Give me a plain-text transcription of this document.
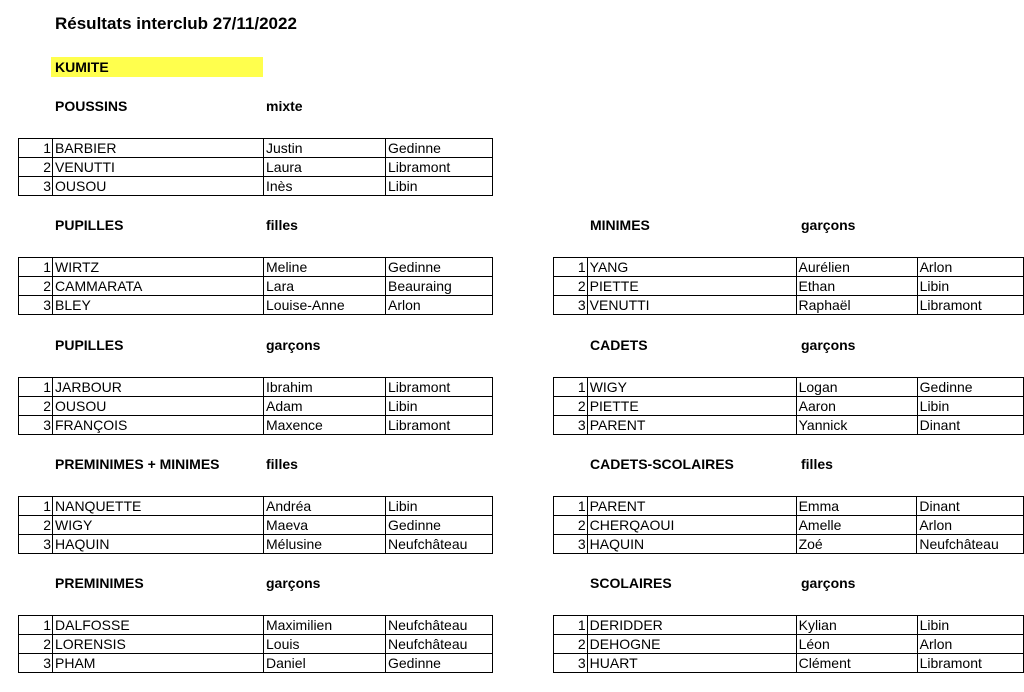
Résultats interclub 27/11/2022
KUMITE
POUSSINS	mixte
1	BARBIER	Justin	Gedinne
2	VENUTTI	Laura	Libramont
3	OUSOU	Inès	Libin
PUPILLES	filles
1	WIRTZ	Meline	Gedinne
2	CAMMARATA	Lara	Beauraing
3	BLEY	Louise-Anne	Arlon
MINIMES	garçons
1	YANG	Aurélien	Arlon
2	PIETTE	Ethan	Libin
3	VENUTTI	Raphaël	Libramont
PUPILLES	garçons
1	JARBOUR	Ibrahim	Libramont
2	OUSOU	Adam	Libin
3	FRANÇOIS	Maxence	Libramont
CADETS	garçons
1	WIGY	Logan	Gedinne
2	PIETTE	Aaron	Libin
3	PARENT	Yannick	Dinant
PREMINIMES + MINIMES	filles
1	NANQUETTE	Andréa	Libin
2	WIGY	Maeva	Gedinne
3	HAQUIN	Mélusine	Neufchâteau
CADETS-SCOLAIRES	filles
1	PARENT	Emma	Dinant
2	CHERQAOUI	Amelle	Arlon
3	HAQUIN	Zoé	Neufchâteau
PREMINIMES	garçons
1	DALFOSSE	Maximilien	Neufchâteau
2	LORENSIS	Louis	Neufchâteau
3	PHAM	Daniel	Gedinne
SCOLAIRES	garçons
1	DERIDDER	Kylian	Libin
2	DEHOGNE	Léon	Arlon
3	HUART	Clément	Libramont
